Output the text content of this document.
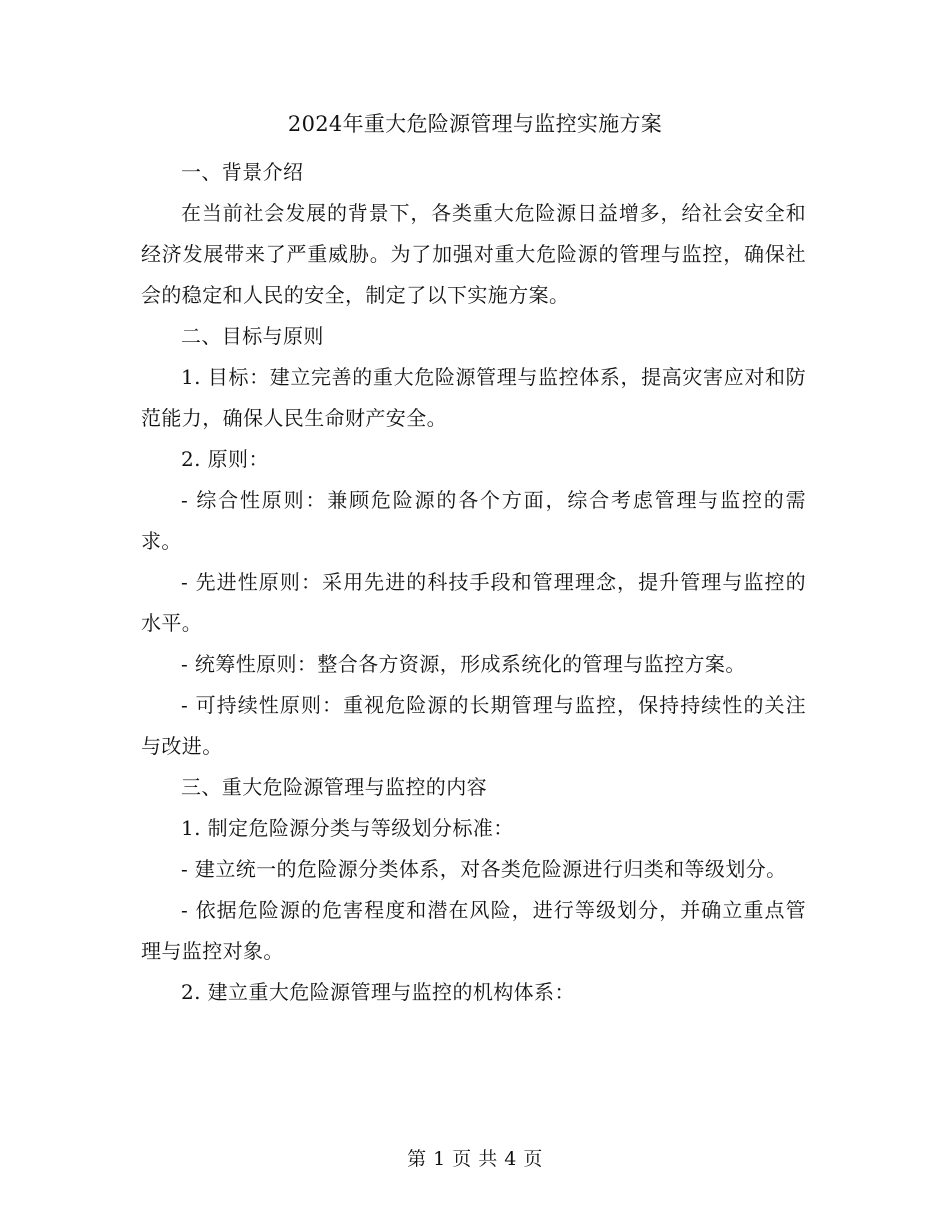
2024年重大危险源管理与监控实施方案

一、背景介绍

在当前社会发展的背景下，各类重大危险源日益增多，给社会安全和经济发展带来了严重威胁。为了加强对重大危险源的管理与监控，确保社会的稳定和人民的安全，制定了以下实施方案。

二、目标与原则

1. 目标：建立完善的重大危险源管理与监控体系，提高灾害应对和防范能力，确保人民生命财产安全。

2. 原则：

- 综合性原则：兼顾危险源的各个方面，综合考虑管理与监控的需求。

- 先进性原则：采用先进的科技手段和管理理念，提升管理与监控的水平。

- 统筹性原则：整合各方资源，形成系统化的管理与监控方案。

- 可持续性原则：重视危险源的长期管理与监控，保持持续性的关注与改进。

三、重大危险源管理与监控的内容

1. 制定危险源分类与等级划分标准：

- 建立统一的危险源分类体系，对各类危险源进行归类和等级划分。

- 依据危险源的危害程度和潜在风险，进行等级划分，并确立重点管理与监控对象。

2. 建立重大危险源管理与监控的机构体系：

第 1 页 共 4 页
